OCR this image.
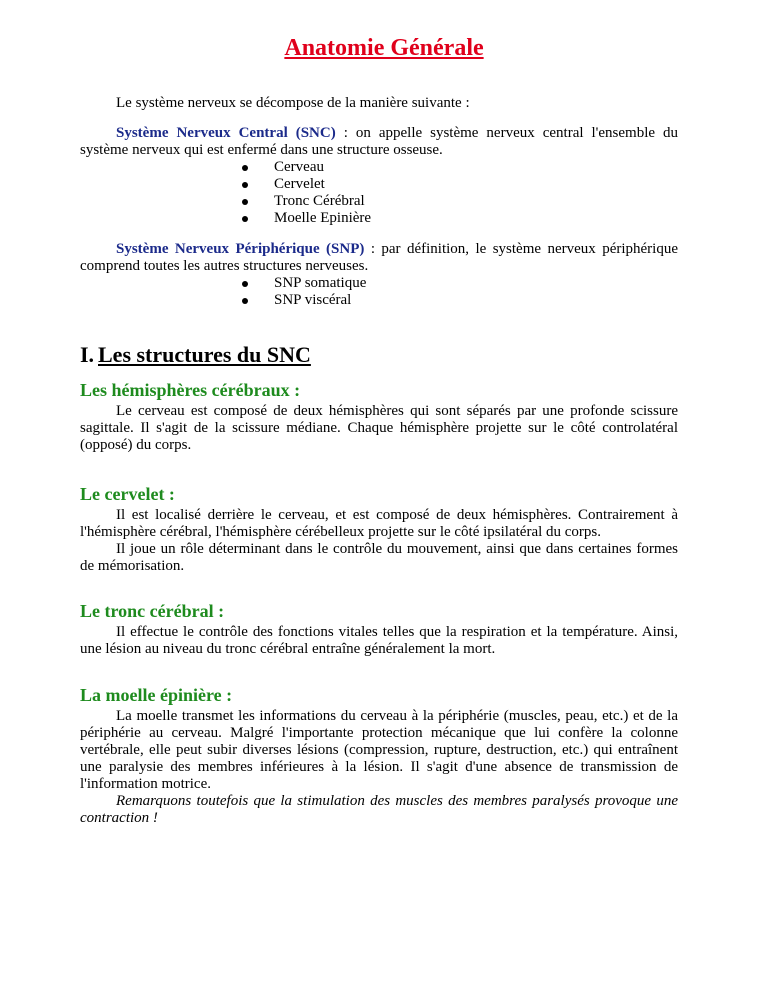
Anatomie Générale
Le système nerveux se décompose de la manière suivante :
Système Nerveux Central (SNC) : on appelle système nerveux central l'ensemble du système nerveux qui est enfermé dans une structure osseuse.
Cerveau
Cervelet
Tronc Cérébral
Moelle Epinière
Système Nerveux Périphérique (SNP) : par définition, le système nerveux périphérique comprend toutes les autres structures nerveuses.
SNP somatique
SNP viscéral
I. Les structures du SNC
Les hémisphères cérébraux :
Le cerveau est composé de deux hémisphères qui sont séparés par une profonde scissure sagittale. Il s'agit de la scissure médiane. Chaque hémisphère projette sur le côté controlatéral (opposé) du corps.
Le cervelet :
Il est localisé derrière le cerveau, et est composé de deux hémisphères. Contrairement à l'hémisphère cérébral, l'hémisphère cérébelleux projette sur le côté ipsilatéral du corps.
Il joue un rôle déterminant dans le contrôle du mouvement, ainsi que dans certaines formes de mémorisation.
Le tronc cérébral :
Il effectue le contrôle des fonctions vitales telles que la respiration et la température. Ainsi, une lésion au niveau du tronc cérébral entraîne généralement la mort.
La moelle épinière :
La moelle transmet les informations du cerveau à la périphérie (muscles, peau, etc.) et de la périphérie au cerveau. Malgré l'importante protection mécanique que lui confère la colonne vertébrale, elle peut subir diverses lésions (compression, rupture, destruction, etc.) qui entraînent une paralysie des membres inférieures à la lésion. Il s'agit d'une absence de transmission de l'information motrice.
Remarquons toutefois que la stimulation des muscles des membres paralysés provoque une contraction !
